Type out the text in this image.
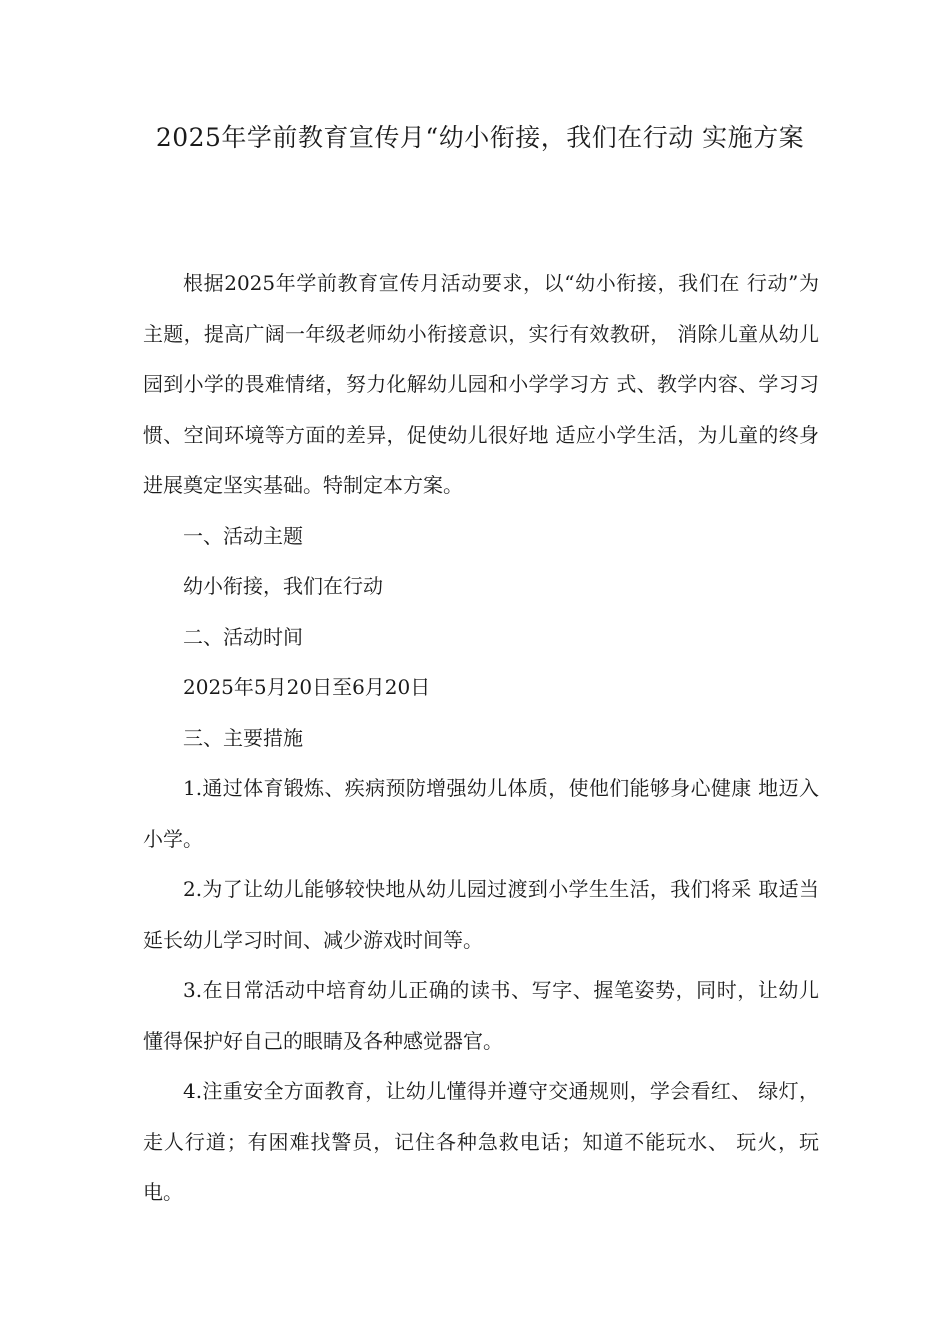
2025年学前教育宣传月“幼小衔接，我们在行动 实施方案

根据2025年学前教育宣传月活动要求，以“幼小衔接，我们在 行动”为主题，提高广阔一年级老师幼小衔接意识，实行有效教研， 消除儿童从幼儿园到小学的畏难情绪，努力化解幼儿园和小学学习方 式、教学内容、学习习惯、空间环境等方面的差异，促使幼儿很好地 适应小学生活，为儿童的终身进展奠定坚实基础。特制定本方案。

一、活动主题

幼小衔接，我们在行动

二、活动时间

2025年5月20日至6月20日

三、主要措施

1.通过体育锻炼、疾病预防增强幼儿体质，使他们能够身心健康 地迈入小学。

2.为了让幼儿能够较快地从幼儿园过渡到小学生生活，我们将采 取适当延长幼儿学习时间、减少游戏时间等。

3.在日常活动中培育幼儿正确的读书、写字、握笔姿势，同时，让幼儿懂得保护好自己的眼睛及各种感觉器官。

4.注重安全方面教育，让幼儿懂得并遵守交通规则，学会看红、 绿灯，走人行道；有困难找警员，记住各种急救电话；知道不能玩水、 玩火，玩电。
